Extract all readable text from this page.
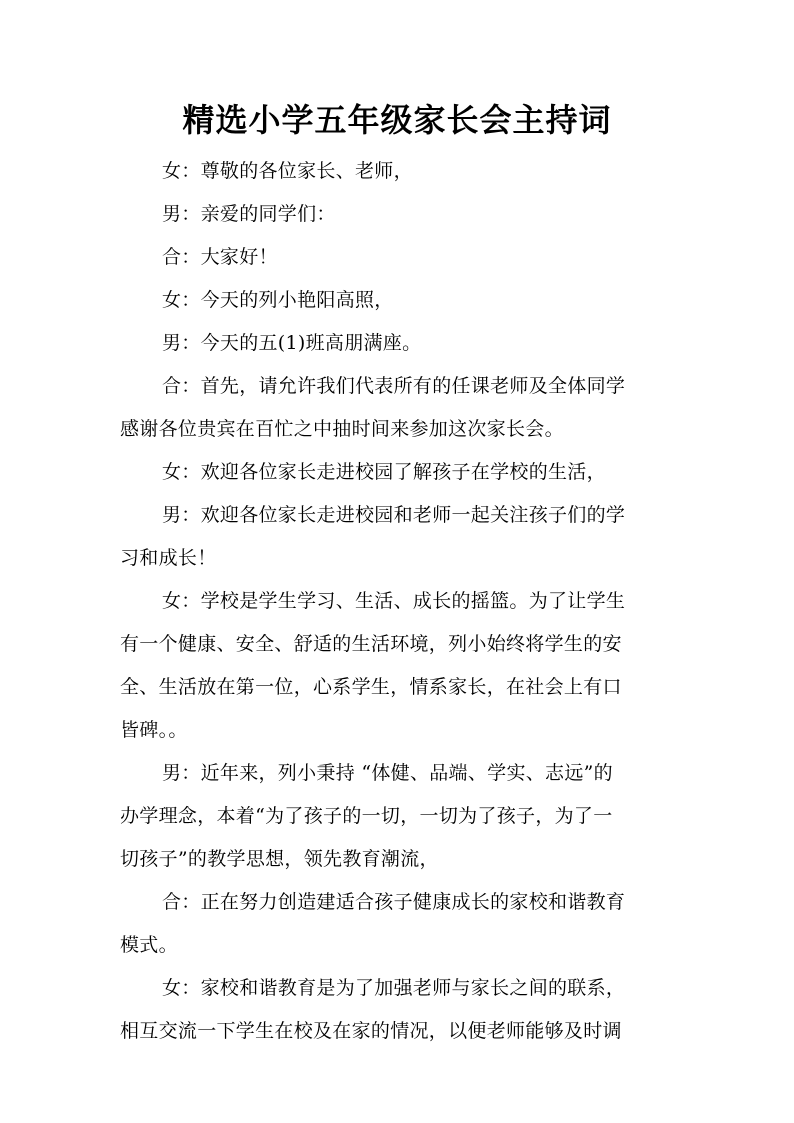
精选小学五年级家长会主持词
女：尊敬的各位家长、老师，
男：亲爱的同学们：
合：大家好！
女：今天的列小艳阳高照，
男：今天的五(1)班高朋满座。
合：首先，请允许我们代表所有的任课老师及全体同学
感谢各位贵宾在百忙之中抽时间来参加这次家长会。
女：欢迎各位家长走进校园了解孩子在学校的生活，
男：欢迎各位家长走进校园和老师一起关注孩子们的学
习和成长！
女：学校是学生学习、生活、成长的摇篮。为了让学生
有一个健康、安全、舒适的生活环境，列小始终将学生的安
全、生活放在第一位，心系学生，情系家长，在社会上有口
皆碑。。
男：近年来，列小秉持 “体健、品端、学实、志远”的
办学理念，本着“为了孩子的一切，一切为了孩子，为了一
切孩子”的教学思想，领先教育潮流，
合：正在努力创造建适合孩子健康成长的家校和谐教育
模式。
女：家校和谐教育是为了加强老师与家长之间的联系，
相互交流一下学生在校及在家的情况，以便老师能够及时调
